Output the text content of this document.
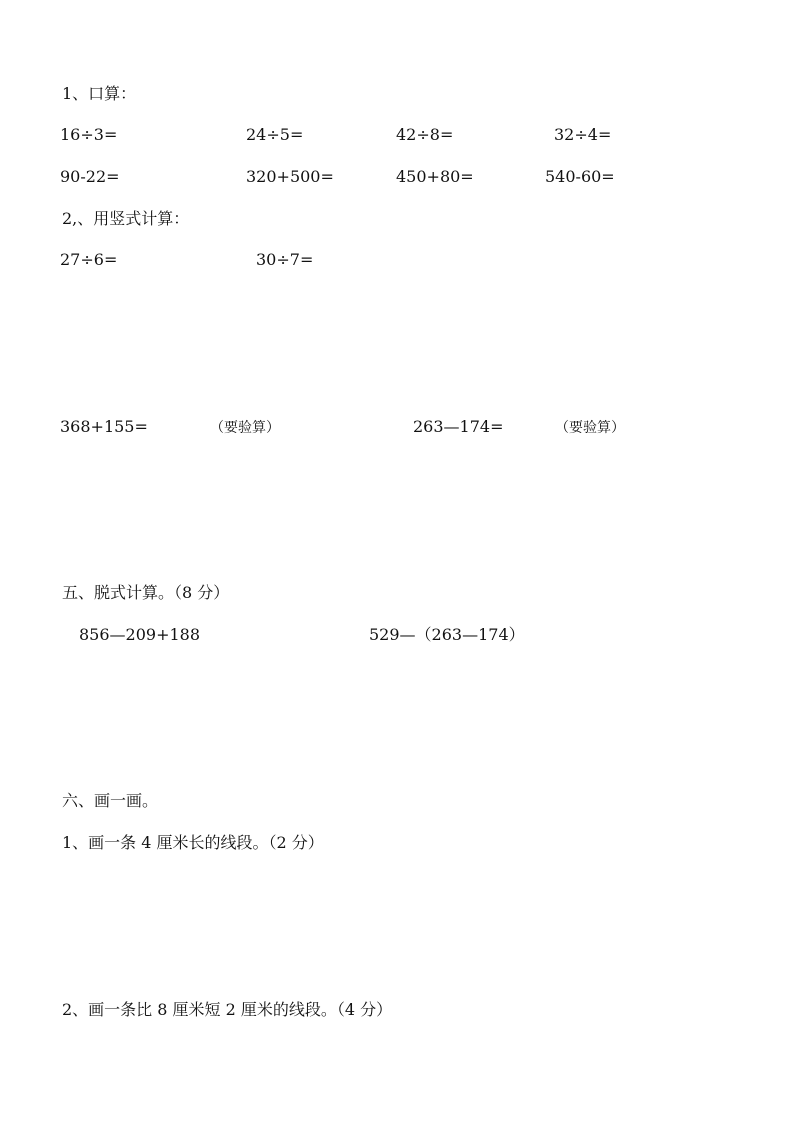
1、口算：
16÷3=	24÷5=	42÷8=	32÷4=
90-22=	320+500=	450+80=	540-60=
2,、用竖式计算：
27÷6=	30÷7=
368+155=	（要验算）	263—174=	（要验算）
五、脱式计算。（8 分）
856—209+188	529—（263—174）
六、画一画。
1、画一条 4 厘米长的线段。（2 分）
2、画一条比 8 厘米短 2 厘米的线段。（4 分）
